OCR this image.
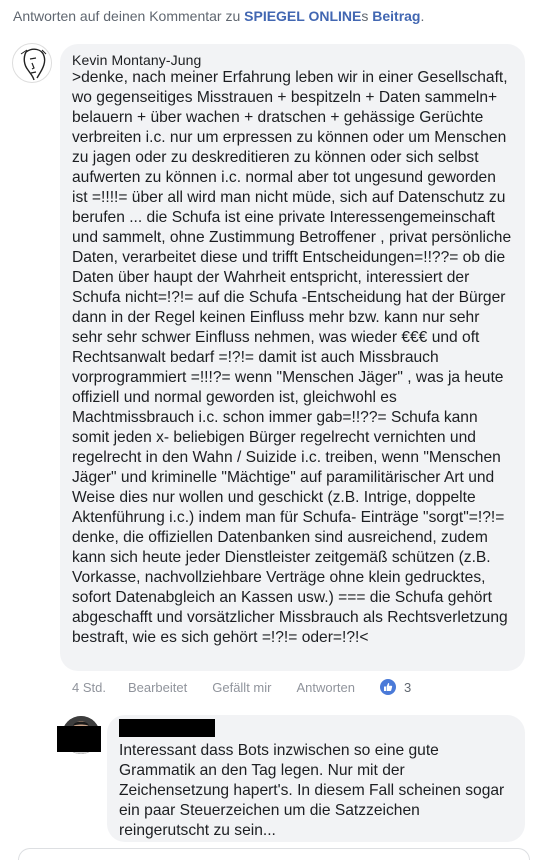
Antworten auf deinen Kommentar zu SPIEGEL ONLINEs Beitrag.
Kevin Montany-Jung
>denke, nach meiner Erfahrung leben wir in einer Gesellschaft, wo gegenseitiges Misstrauen + bespitzeln + Daten sammeln+ belauern + über wachen + dratschen + gehässige Gerüchte verbreiten i.c. nur um erpressen zu können oder um Menschen zu jagen oder zu deskreditieren zu können oder sich selbst aufwerten zu können i.c. normal aber tot ungesund geworden ist =!!!!= über all wird man nicht müde, sich auf Datenschutz zu berufen ... die Schufa ist eine private Interessengemeinschaft und sammelt, ohne Zustimmung Betroffener , privat persönliche Daten, verarbeitet diese und trifft Entscheidungen=!!??= ob die Daten über haupt der Wahrheit entspricht, interessiert der Schufa nicht=!?!= auf die Schufa -Entscheidung hat der Bürger dann in der Regel keinen Einfluss mehr bzw. kann nur sehr sehr sehr schwer Einfluss nehmen, was wieder €€€ und oft Rechtsanwalt bedarf =!?!= damit ist auch Missbrauch vorprogrammiert =!!!?= wenn "Menschen Jäger" , was ja heute offiziell und normal geworden ist, gleichwohl es Machtmissbrauch i.c. schon immer gab=!!??= Schufa kann somit jeden x- beliebigen Bürger regelrecht vernichten und regelrecht in den Wahn / Suizide i.c. treiben, wenn "Menschen Jäger" und kriminelle "Mächtige" auf paramilitärischer Art und Weise dies nur wollen und geschickt (z.B. Intrige, doppelte Aktenführung i.c.) indem man für Schufa- Einträge "sorgt"=!?!= denke, die offiziellen Datenbanken sind ausreichend, zudem kann sich heute jeder Dienstleister zeitgemäß schützen (z.B. Vorkasse, nachvollziehbare Verträge ohne klein gedrucktes, sofort Datenabgleich an Kassen usw.) === die Schufa gehört abgeschafft und vorsätzlicher Missbrauch als Rechtsverletzung bestraft, wie es sich gehört =!?!= oder=!?!<
4 Std. Bearbeitet Gefällt mir Antworten	3
Interessant dass Bots inzwischen so eine gute Grammatik an den Tag legen. Nur mit der Zeichensetzung hapert's. In diesem Fall scheinen sogar ein paar Steuerzeichen um die Satzzeichen reingerutscht zu sein...
